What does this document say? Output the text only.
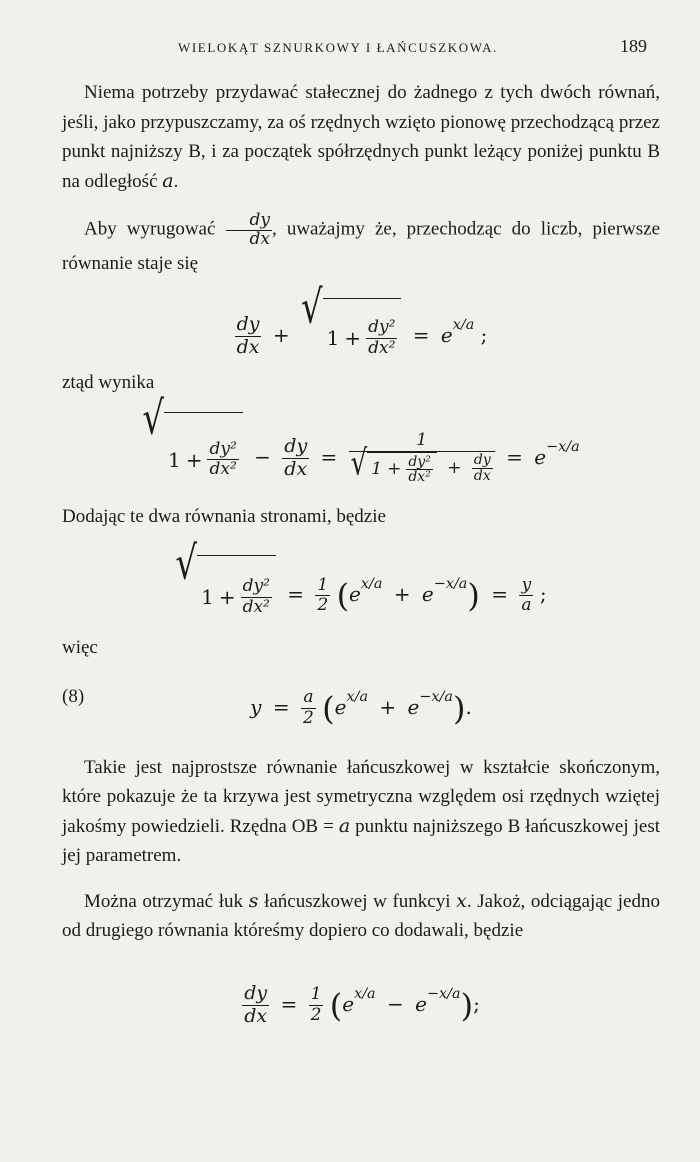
WIELOKĄT SZNURKOWY I ŁAŃCUSZKOWA.	189

Niema potrzeby przydawać stałecznej do żadnego z tych dwóch równań, jeśli, jako przypuszczamy, za oś rzędnych wzięto pionowę przechodzącą przez punkt najniższy B, i za początek spółrzędnych punkt leżący poniżej punktu B na odległość a.

Aby wyrugować $\frac{dy}{dx}$ , uważajmy że, przechodząc do liczb, pierwsze równanie staje się

$\frac{dy}{dx}$ +
√
$1 + \frac{\text{dy²}}{\text{dx²}} = e^{x/a}$ ;

ztąd wynika

√
$1 + \frac{\text{dy²}}{\text{dx²}} - \frac{dy}{dx}$ =
1
√ $1 + \frac{\text{dy²}}{\text{dx²}} + \frac{dy}{dx} = e^{-x/a}$

Dodając te dwa równania stronami, będzie

√
$1 + \frac{\text{dy²}}{\text{dx²}} = \frac{1}{2} (e^{x/a} + e^{-x/a}) = \frac{y}{a}$ ;

więc

(8)	$y = \frac{a}{2} (e^{x/a} + e^{-x/a})$.

Takie jest najprostsze równanie łańcuszkowej w kształcie skończonym, które pokazuje że ta krzywa jest symetryczna względem osi rzędnych wziętej jakośmy powiedzieli. Rzędna OB = a punktu najniższego B łańcuszkowej jest jej parametrem.

Można otrzymać łuk s łańcuszkowej w funkcyi x. Jakoż, odciągając jedno od drugiego równania któreśmy dopiero co dodawali, będzie

$\frac{dy}{dx} = \frac{1}{2} (e^{x/a} - e^{-x/a})$;
